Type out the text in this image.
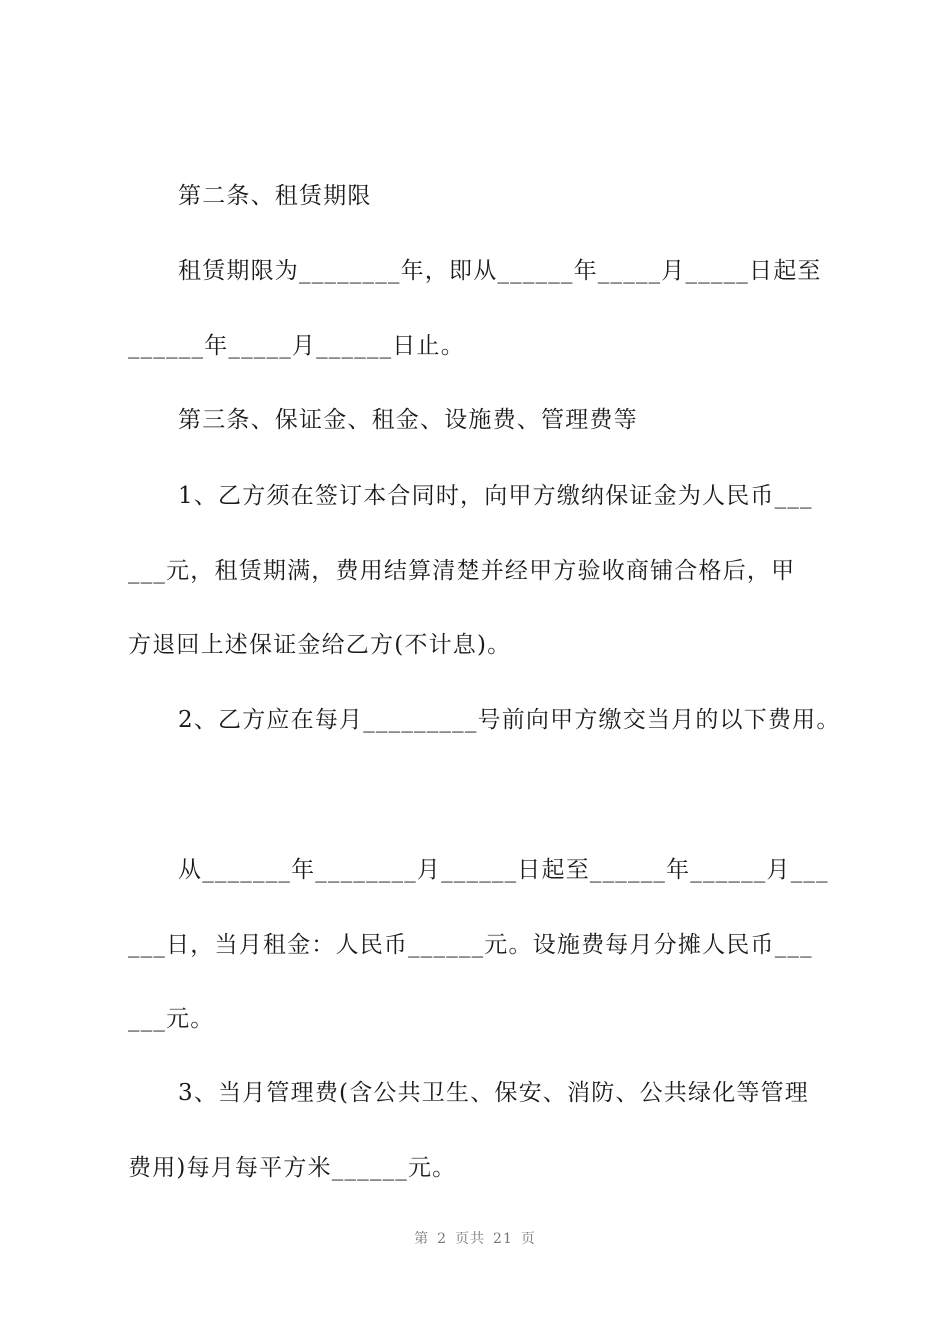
第二条、租赁期限
租赁期限为________年，即从______年_____月_____日起至
______年_____月______日止。
第三条、保证金、租金、设施费、管理费等
1、乙方须在签订本合同时，向甲方缴纳保证金为人民币___
___元，租赁期满，费用结算清楚并经甲方验收商铺合格后，甲
方退回上述保证金给乙方(不计息)。
2、乙方应在每月_________号前向甲方缴交当月的以下费用。
从_______年________月______日起至______年______月___
___日，当月租金：人民币______元。设施费每月分摊人民币___
___元。
3、当月管理费(含公共卫生、保安、消防、公共绿化等管理
费用)每月每平方米______元。
第 2 页共 21 页
